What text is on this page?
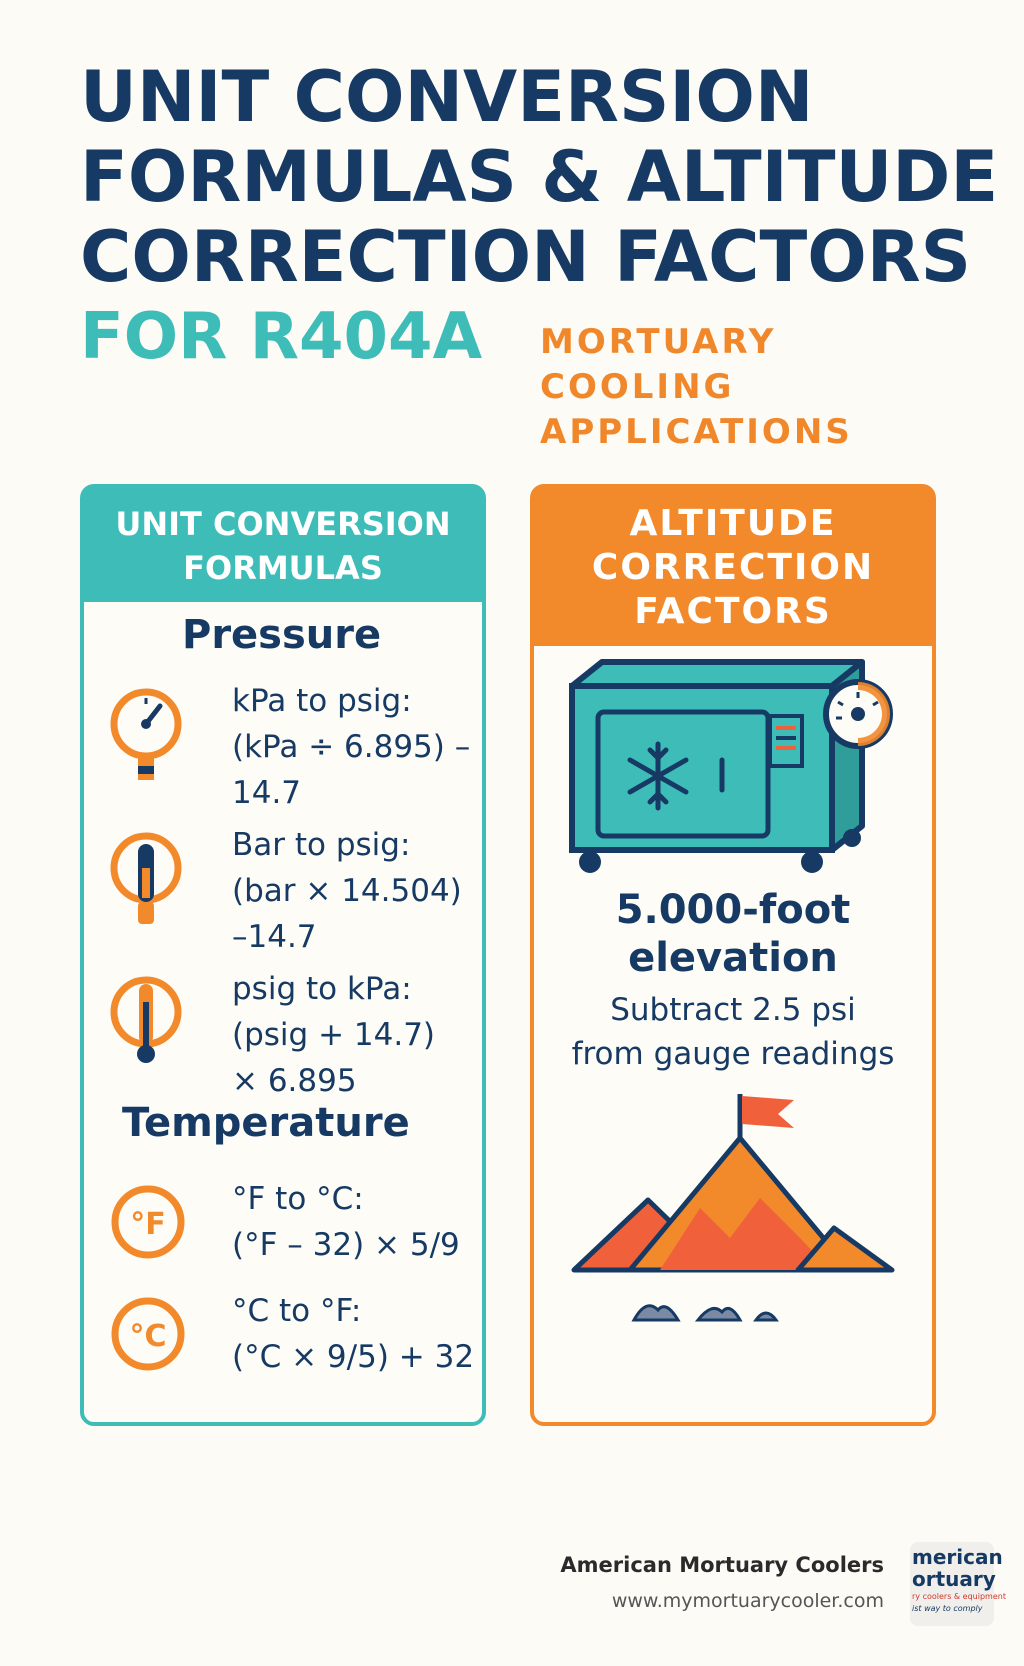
UNIT CONVERSION
FORMULAS & ALTITUDE
CORRECTION FACTORS
FOR R404A MORTUARY
COOLING
APPLICATIONS
UNIT CONVERSION
FORMULAS
Pressure
kPa to psig:
(kPa ÷ 6.895) –
14.7
Bar to psig:
(bar × 14.504)
–14.7
psig to kPa:
(psig + 14.7)
× 6.895
Temperature
°F
°F to °C:
(°F – 32) × 5/9
°C
°C to °F:
(°C × 9/5) + 32
ALTITUDE
CORRECTION
FACTORS
5.000-foot
elevation
Subtract 2.5 psi
from gauge readings
American Mortuary Coolers
www.mymortuarycooler.com
merican
ortuary
ry coolers & equipment
ist way to comply
